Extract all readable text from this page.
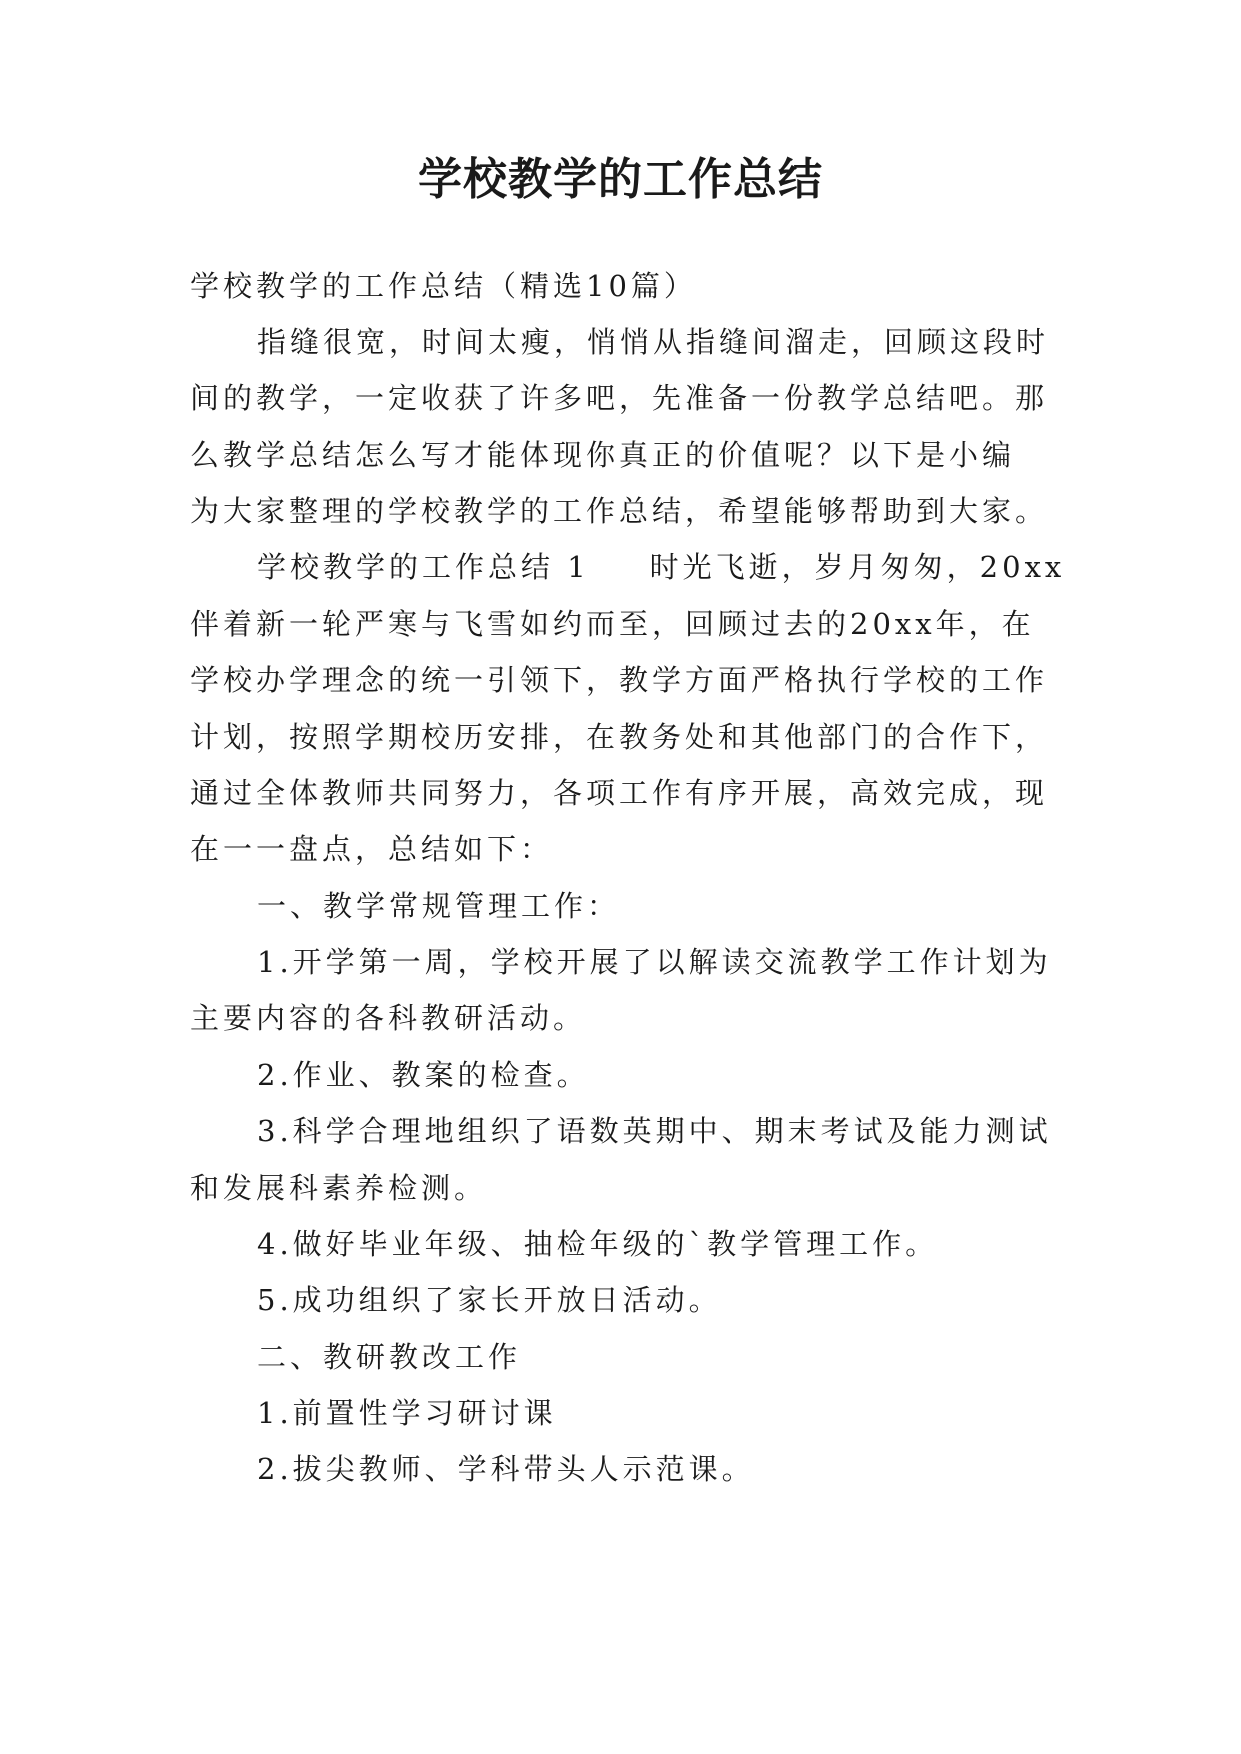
学校教学的工作总结
学校教学的工作总结（精选10篇）
指缝很宽，时间太瘦，悄悄从指缝间溜走，回顾这段时
间的教学，一定收获了许多吧，先准备一份教学总结吧。那
么教学总结怎么写才能体现你真正的价值呢？以下是小编
为大家整理的学校教学的工作总结，希望能够帮助到大家。
学校教学的工作总结 1 时光飞逝，岁月匆匆，20xx
伴着新一轮严寒与飞雪如约而至，回顾过去的20xx年，在
学校办学理念的统一引领下，教学方面严格执行学校的工作
计划，按照学期校历安排，在教务处和其他部门的合作下，
通过全体教师共同努力，各项工作有序开展，高效完成，现
在一一盘点，总结如下：
一、教学常规管理工作：
1.开学第一周，学校开展了以解读交流教学工作计划为
主要内容的各科教研活动。
2.作业、教案的检查。
3.科学合理地组织了语数英期中、期末考试及能力测试
和发展科素养检测。
4.做好毕业年级、抽检年级的`教学管理工作。
5.成功组织了家长开放日活动。
二、教研教改工作
1.前置性学习研讨课
2.拔尖教师、学科带头人示范课。
